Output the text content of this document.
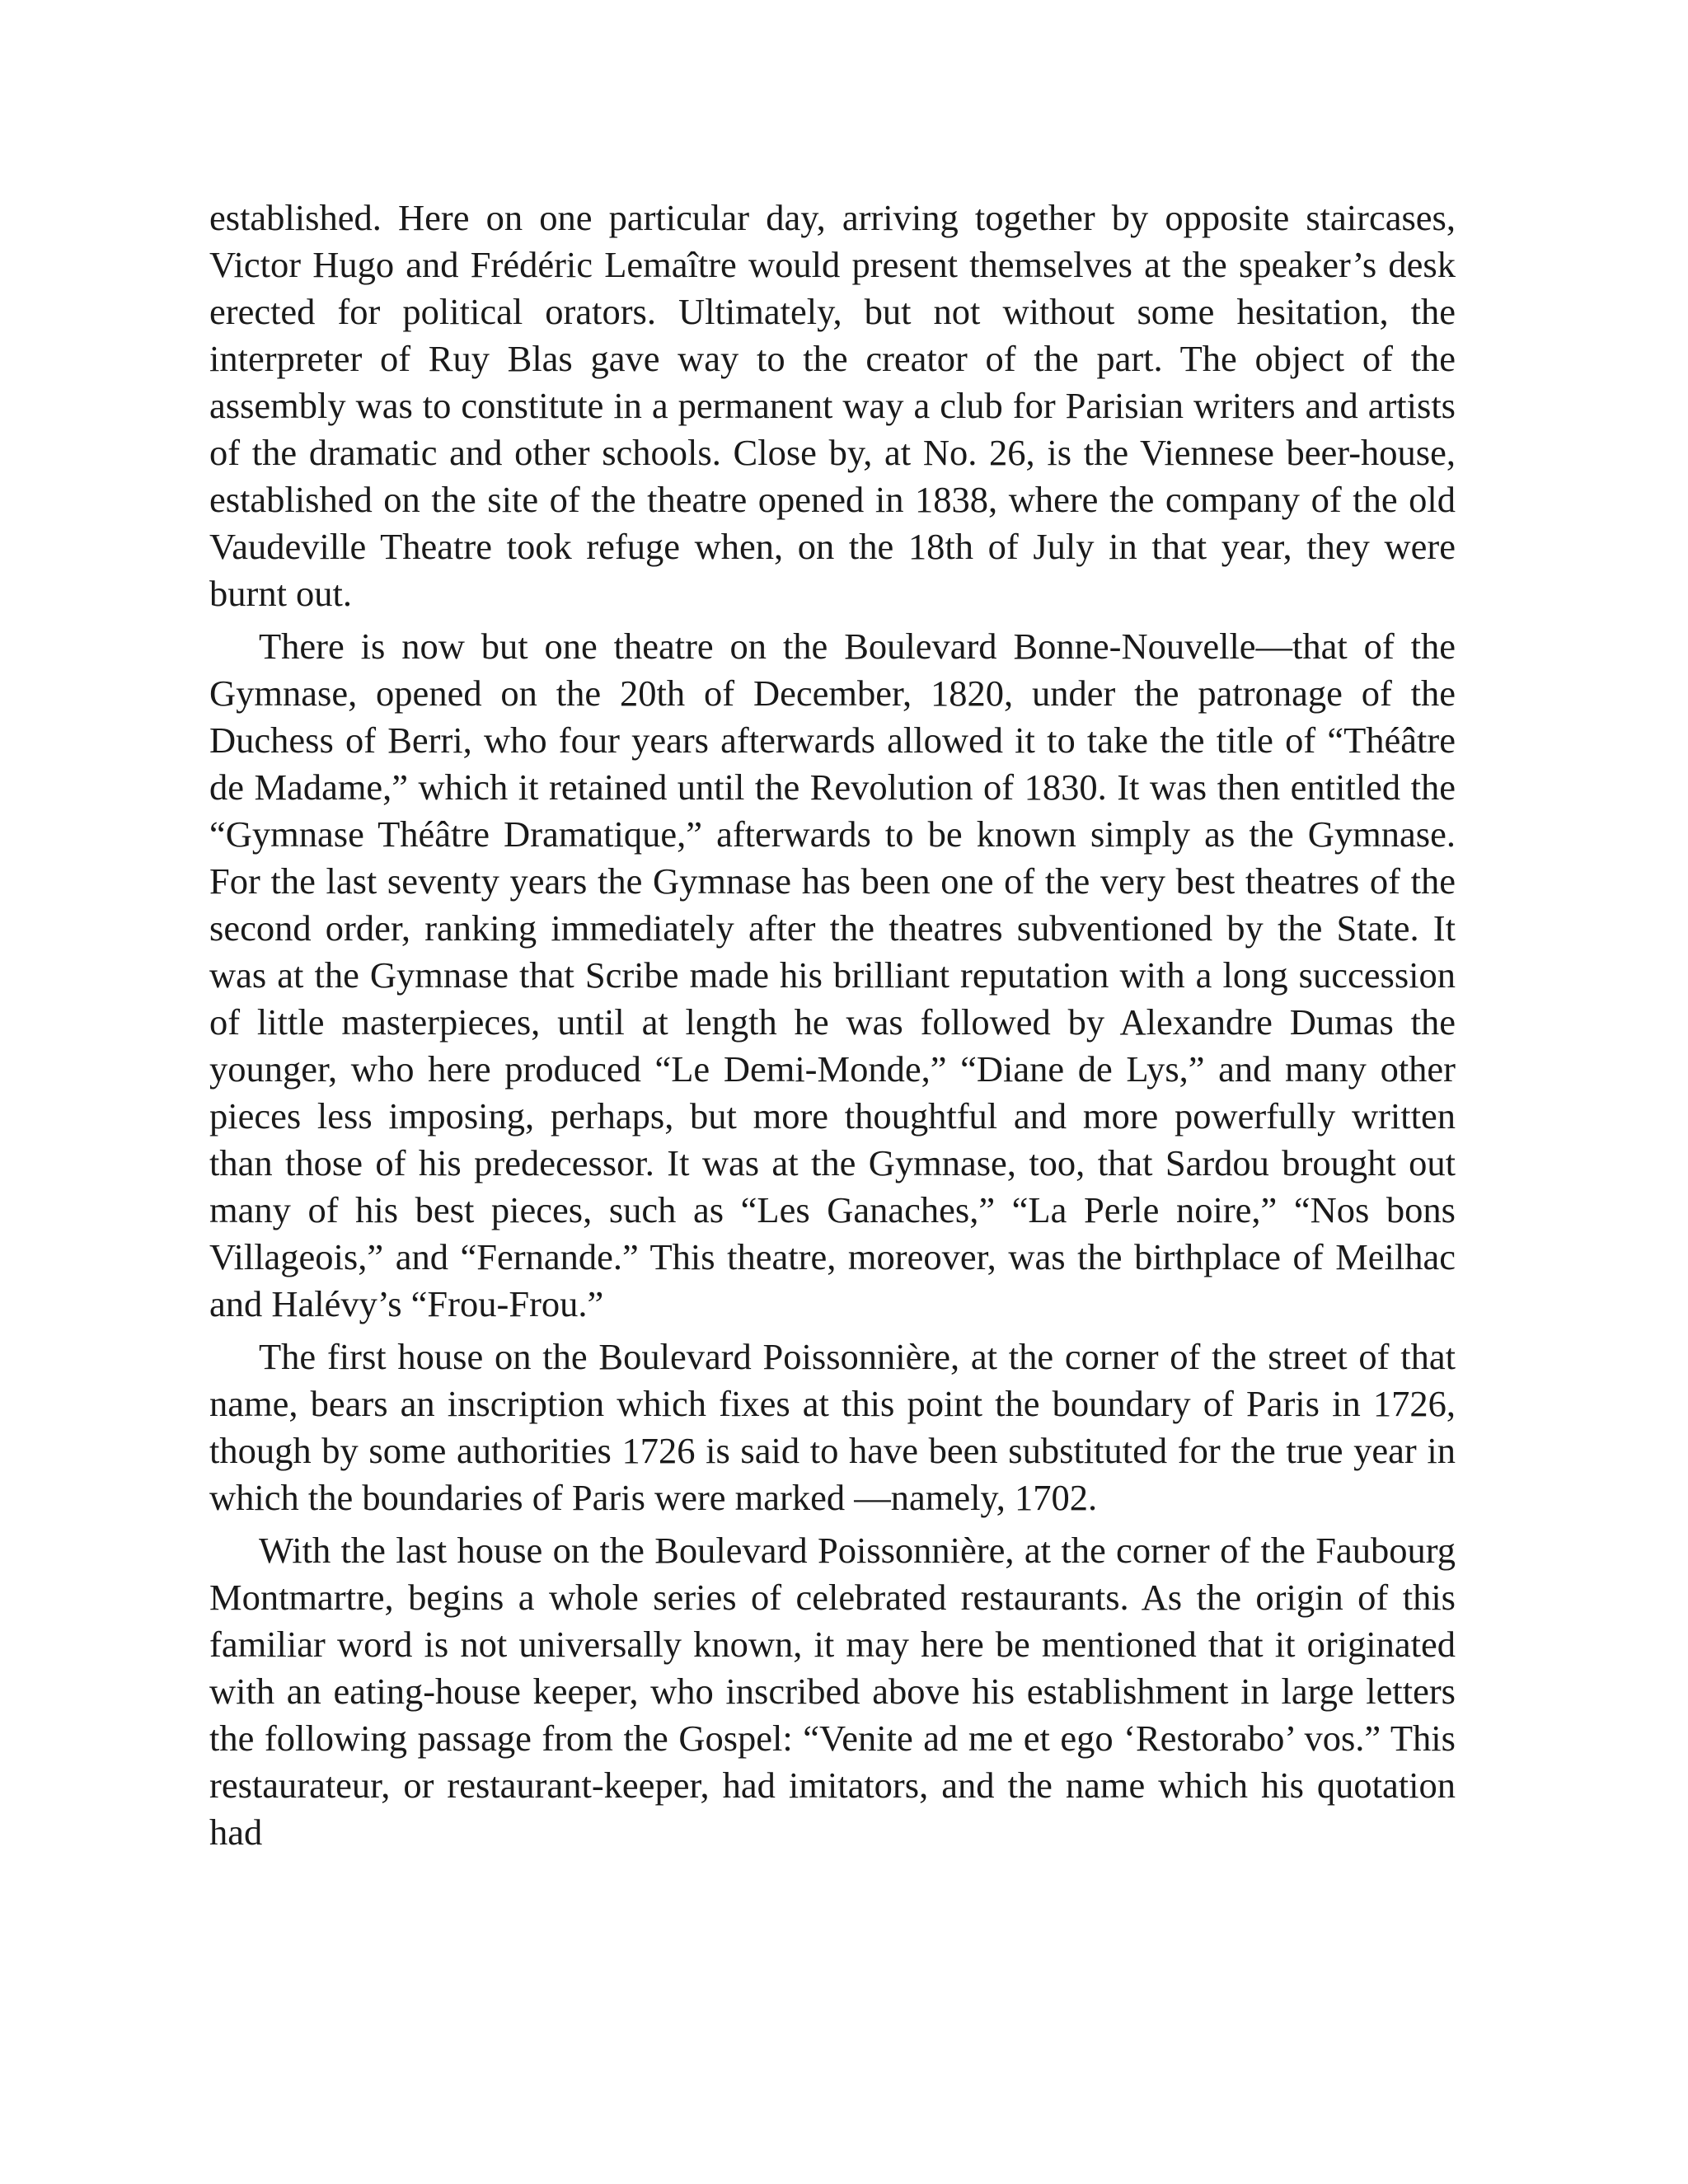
established. Here on one particular day, arriving together by opposite staircases, Victor Hugo and Frédéric Lemaître would present themselves at the speaker’s desk erected for political orators. Ultimately, but not without some hesitation, the interpreter of Ruy Blas gave way to the creator of the part. The object of the assembly was to constitute in a permanent way a club for Parisian writers and artists of the dramatic and other schools. Close by, at No. 26, is the Viennese beer-house, established on the site of the theatre opened in 1838, where the company of the old Vaudeville Theatre took refuge when, on the 18th of July in that year, they were burnt out.

There is now but one theatre on the Boulevard Bonne-Nouvelle—that of the Gymnase, opened on the 20th of December, 1820, under the patronage of the Duchess of Berri, who four years afterwards allowed it to take the title of “Théâtre de Madame,” which it retained until the Revolution of 1830. It was then entitled the “Gymnase Théâtre Dramatique,” afterwards to be known simply as the Gymnase. For the last seventy years the Gymnase has been one of the very best theatres of the second order, ranking immediately after the theatres subventioned by the State. It was at the Gymnase that Scribe made his brilliant reputation with a long succession of little masterpieces, until at length he was followed by Alexandre Dumas the younger, who here produced “Le Demi-Monde,” “Diane de Lys,” and many other pieces less imposing, perhaps, but more thoughtful and more powerfully written than those of his predecessor. It was at the Gymnase, too, that Sardou brought out many of his best pieces, such as “Les Ganaches,” “La Perle noire,” “Nos bons Villageois,” and “Fernande.” This theatre, moreover, was the birthplace of Meilhac and Halévy’s “Frou-Frou.”

The first house on the Boulevard Poissonnière, at the corner of the street of that name, bears an inscription which fixes at this point the boundary of Paris in 1726, though by some authorities 1726 is said to have been substituted for the true year in which the boundaries of Paris were marked —namely, 1702.

With the last house on the Boulevard Poissonnière, at the corner of the Faubourg Montmartre, begins a whole series of celebrated restaurants. As the origin of this familiar word is not universally known, it may here be mentioned that it originated with an eating-house keeper, who inscribed above his establishment in large letters the following passage from the Gospel: “Venite ad me et ego ‘Restorabo’ vos.” This restaurateur, or restaurant-keeper, had imitators, and the name which his quotation had
